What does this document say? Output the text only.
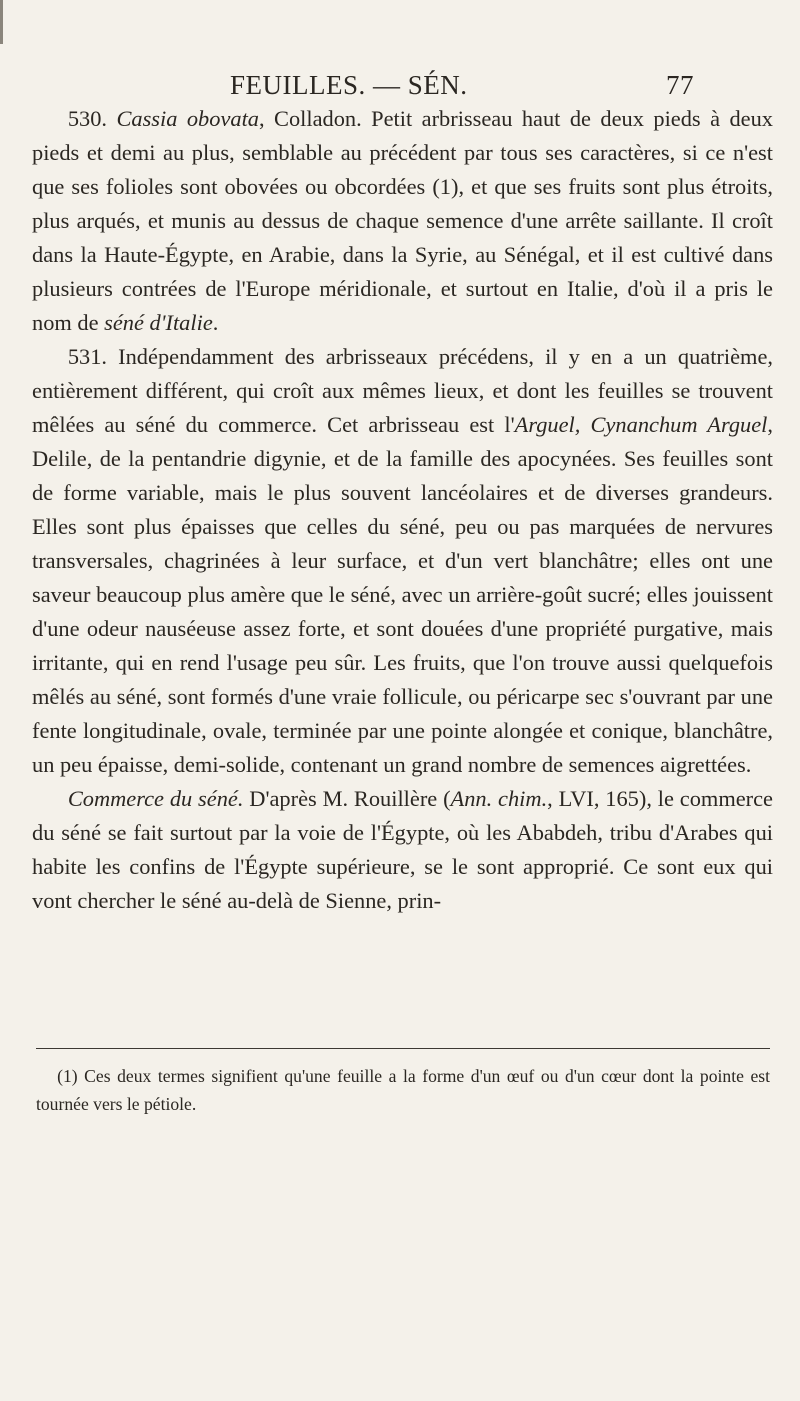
FEUILLES. — SÉN.	77

530. Cassia obovata, Colladon. Petit arbrisseau haut de deux pieds à deux pieds et demi au plus, semblable au précédent par tous ses caractères, si ce n'est que ses folioles sont obovées ou obcordées (1), et que ses fruits sont plus étroits, plus arqués, et munis au dessus de chaque semence d'une arrête saillante. Il croît dans la Haute-Égypte, en Arabie, dans la Syrie, au Sénégal, et il est cultivé dans plusieurs contrées de l'Europe méridionale, et surtout en Italie, d'où il a pris le nom de séné d'Italie.

531. Indépendamment des arbrisseaux précédens, il y en a un quatrième, entièrement différent, qui croît aux mêmes lieux, et dont les feuilles se trouvent mêlées au séné du commerce. Cet arbrisseau est l'Arguel, Cynanchum Arguel, Delile, de la pentandrie digynie, et de la famille des apocynées. Ses feuilles sont de forme variable, mais le plus souvent lancéolaires et de diverses grandeurs. Elles sont plus épaisses que celles du séné, peu ou pas marquées de nervures transversales, chagrinées à leur surface, et d'un vert blanchâtre; elles ont une saveur beaucoup plus amère que le séné, avec un arrière-goût sucré; elles jouissent d'une odeur nauséeuse assez forte, et sont douées d'une propriété purgative, mais irritante, qui en rend l'usage peu sûr. Les fruits, que l'on trouve aussi quelquefois mêlés au séné, sont formés d'une vraie follicule, ou péricarpe sec s'ouvrant par une fente longitudinale, ovale, terminée par une pointe alongée et conique, blanchâtre, un peu épaisse, demi-solide, contenant un grand nombre de semences aigrettées.

Commerce du séné. D'après M. Rouillère (Ann. chim., LVI, 165), le commerce du séné se fait surtout par la voie de l'Égypte, où les Ababdeh, tribu d'Arabes qui habite les confins de l'Égypte supérieure, se le sont approprié. Ce sont eux qui vont chercher le séné au-delà de Sienne, prin-

(1) Ces deux termes signifient qu'une feuille a la forme d'un œuf ou d'un cœur dont la pointe est tournée vers le pétiole.
